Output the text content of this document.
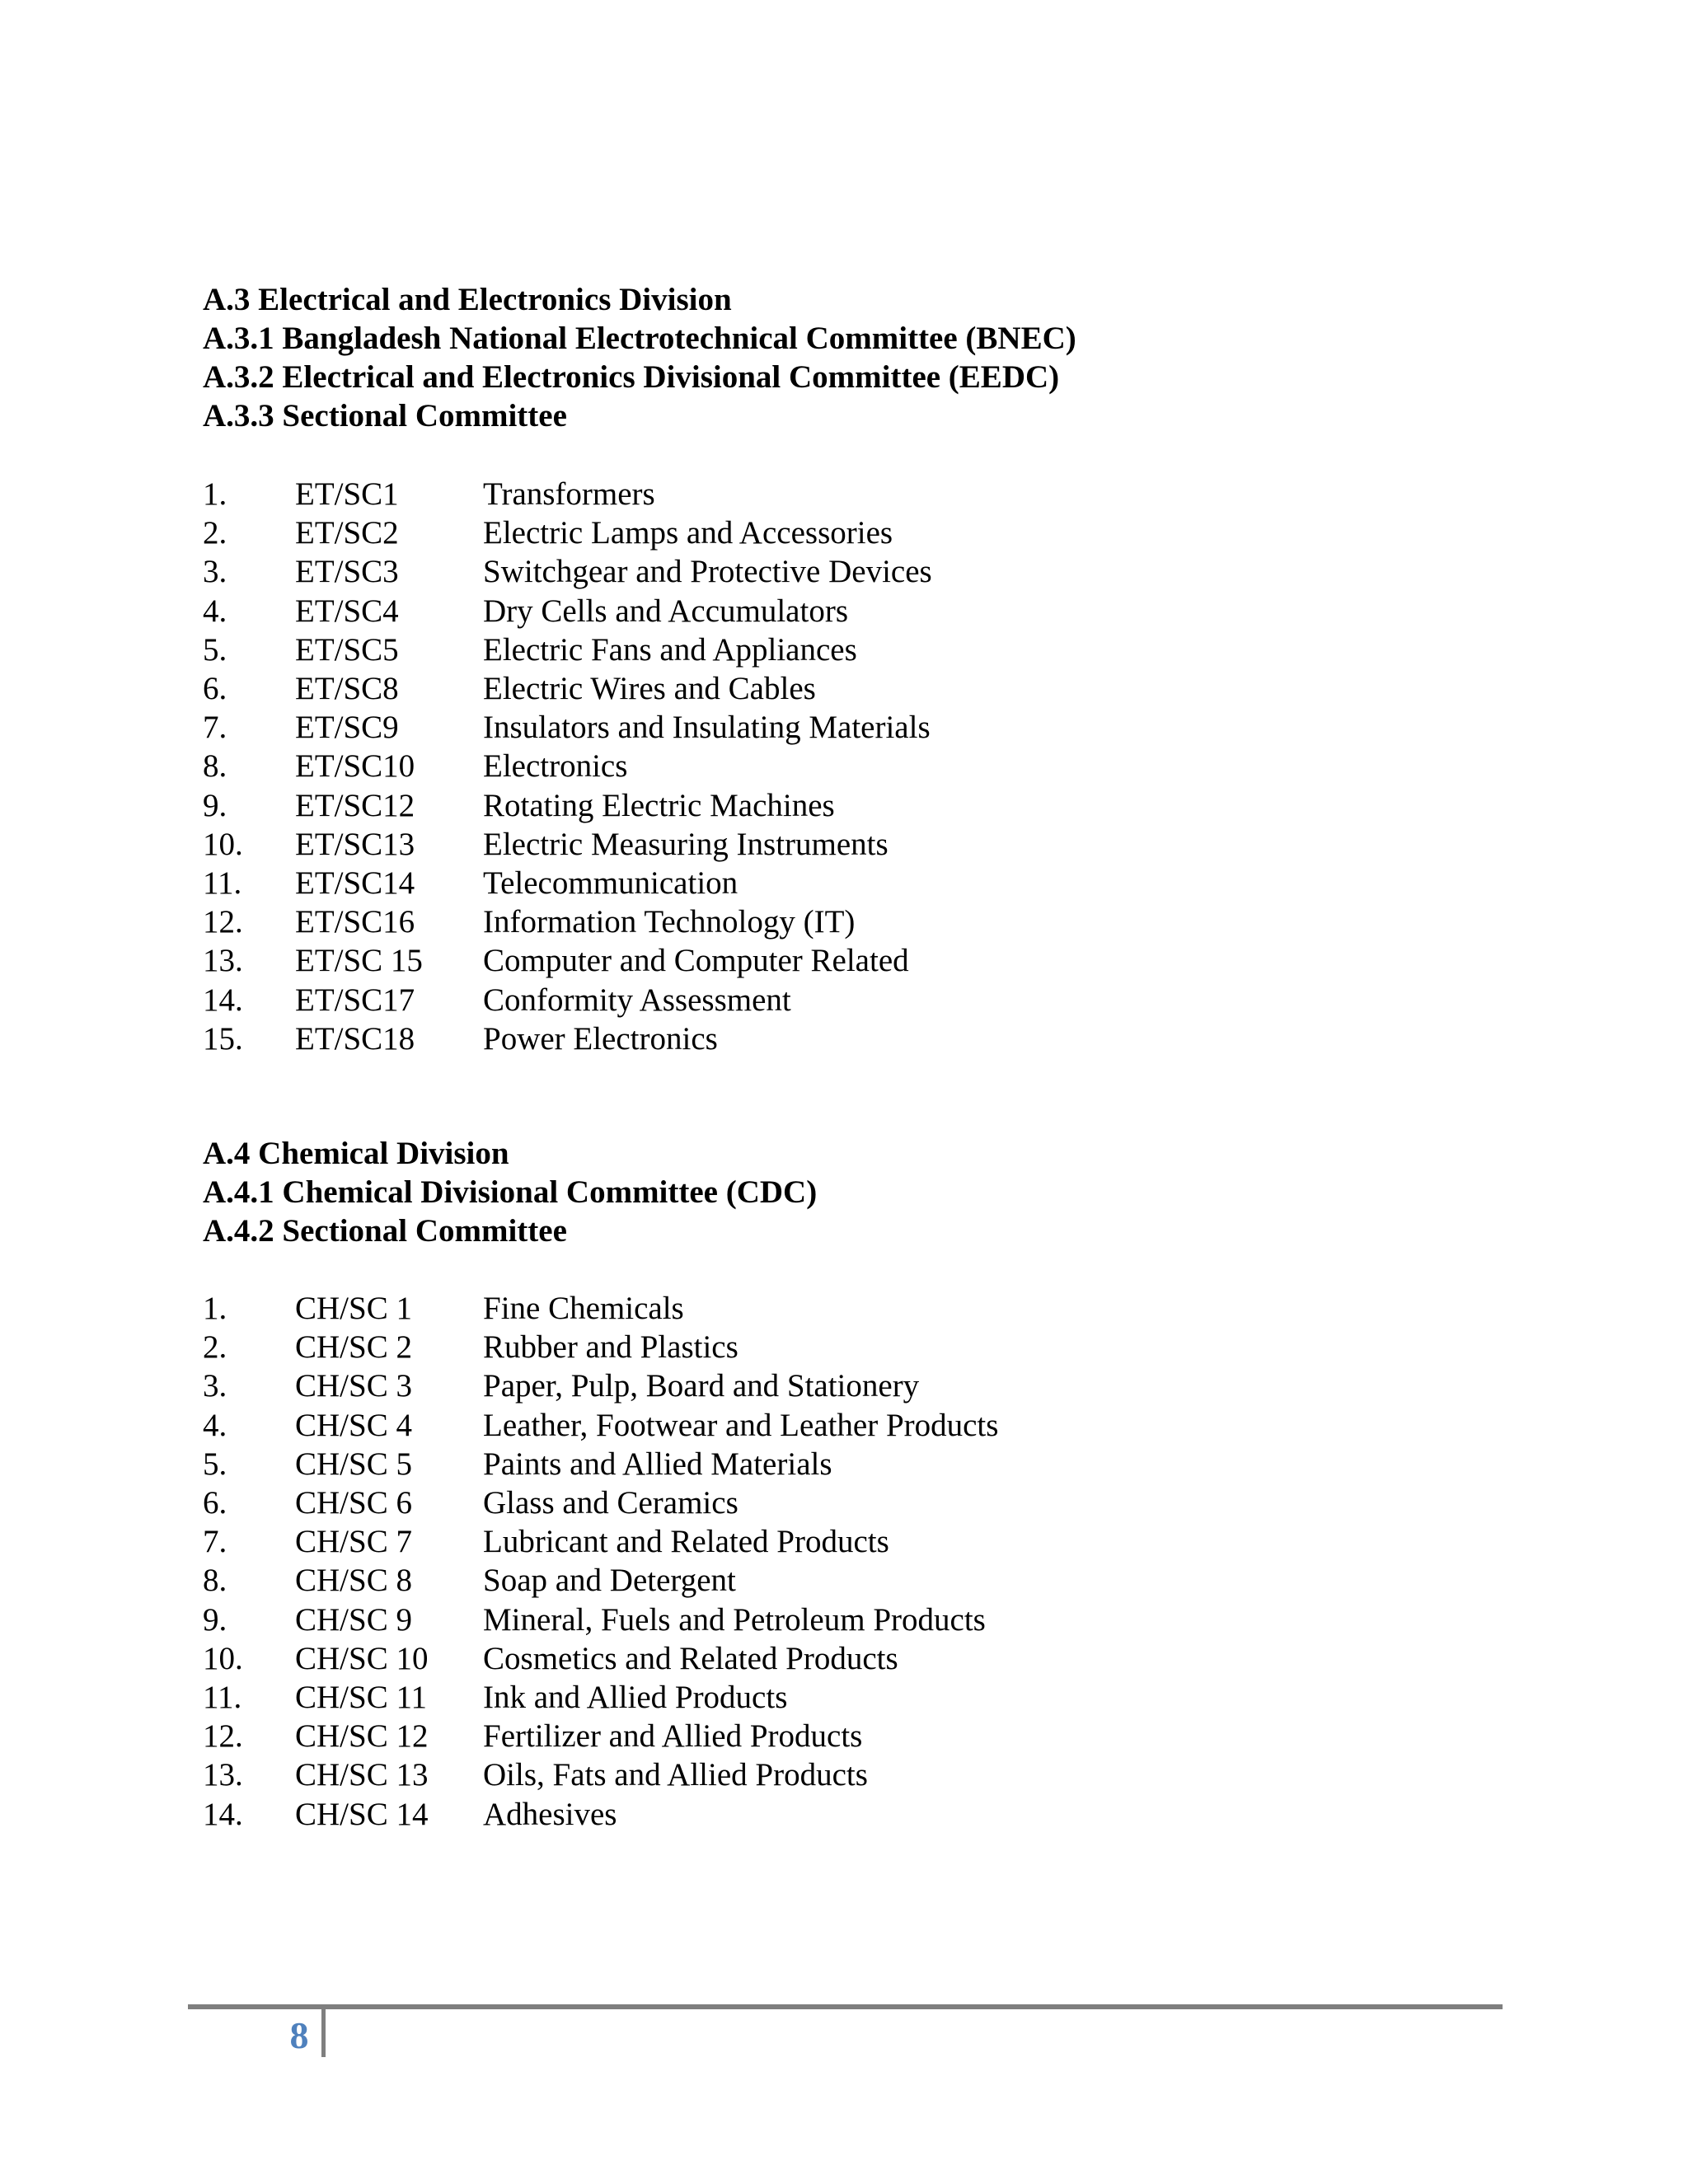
A.3 Electrical and Electronics Division
A.3.1 Bangladesh National Electrotechnical Committee (BNEC)
A.3.2 Electrical and Electronics Divisional Committee (EEDC)
A.3.3 Sectional Committee
1.	ET/SC1	Transformers
2.	ET/SC2	Electric Lamps and Accessories
3.	ET/SC3	Switchgear and Protective Devices
4.	ET/SC4	Dry Cells and Accumulators
5.	ET/SC5	Electric Fans and Appliances
6.	ET/SC8	Electric Wires and Cables
7.	ET/SC9	Insulators and Insulating Materials
8.	ET/SC10	Electronics
9.	ET/SC12	Rotating Electric Machines
10.	ET/SC13	Electric Measuring Instruments
11.	ET/SC14	Telecommunication
12.	ET/SC16	Information Technology (IT)
13.	ET/SC 15	Computer and Computer Related
14.	ET/SC17	Conformity Assessment
15.	ET/SC18	Power Electronics
A.4 Chemical Division
A.4.1 Chemical Divisional Committee (CDC)
A.4.2 Sectional Committee
1.	CH/SC 1	Fine Chemicals
2.	CH/SC 2	Rubber and Plastics
3.	CH/SC 3	Paper, Pulp, Board and Stationery
4.	CH/SC 4	Leather, Footwear and Leather Products
5.	CH/SC 5	Paints and Allied Materials
6.	CH/SC 6	Glass and Ceramics
7.	CH/SC 7	Lubricant and Related Products
8.	CH/SC 8	Soap and Detergent
9.	CH/SC 9	Mineral, Fuels and Petroleum Products
10.	CH/SC 10	Cosmetics and Related Products
11.	CH/SC 11	Ink and Allied Products
12.	CH/SC 12	Fertilizer and Allied Products
13.	CH/SC 13	Oils, Fats and Allied Products
14.	CH/SC 14	Adhesives
8
